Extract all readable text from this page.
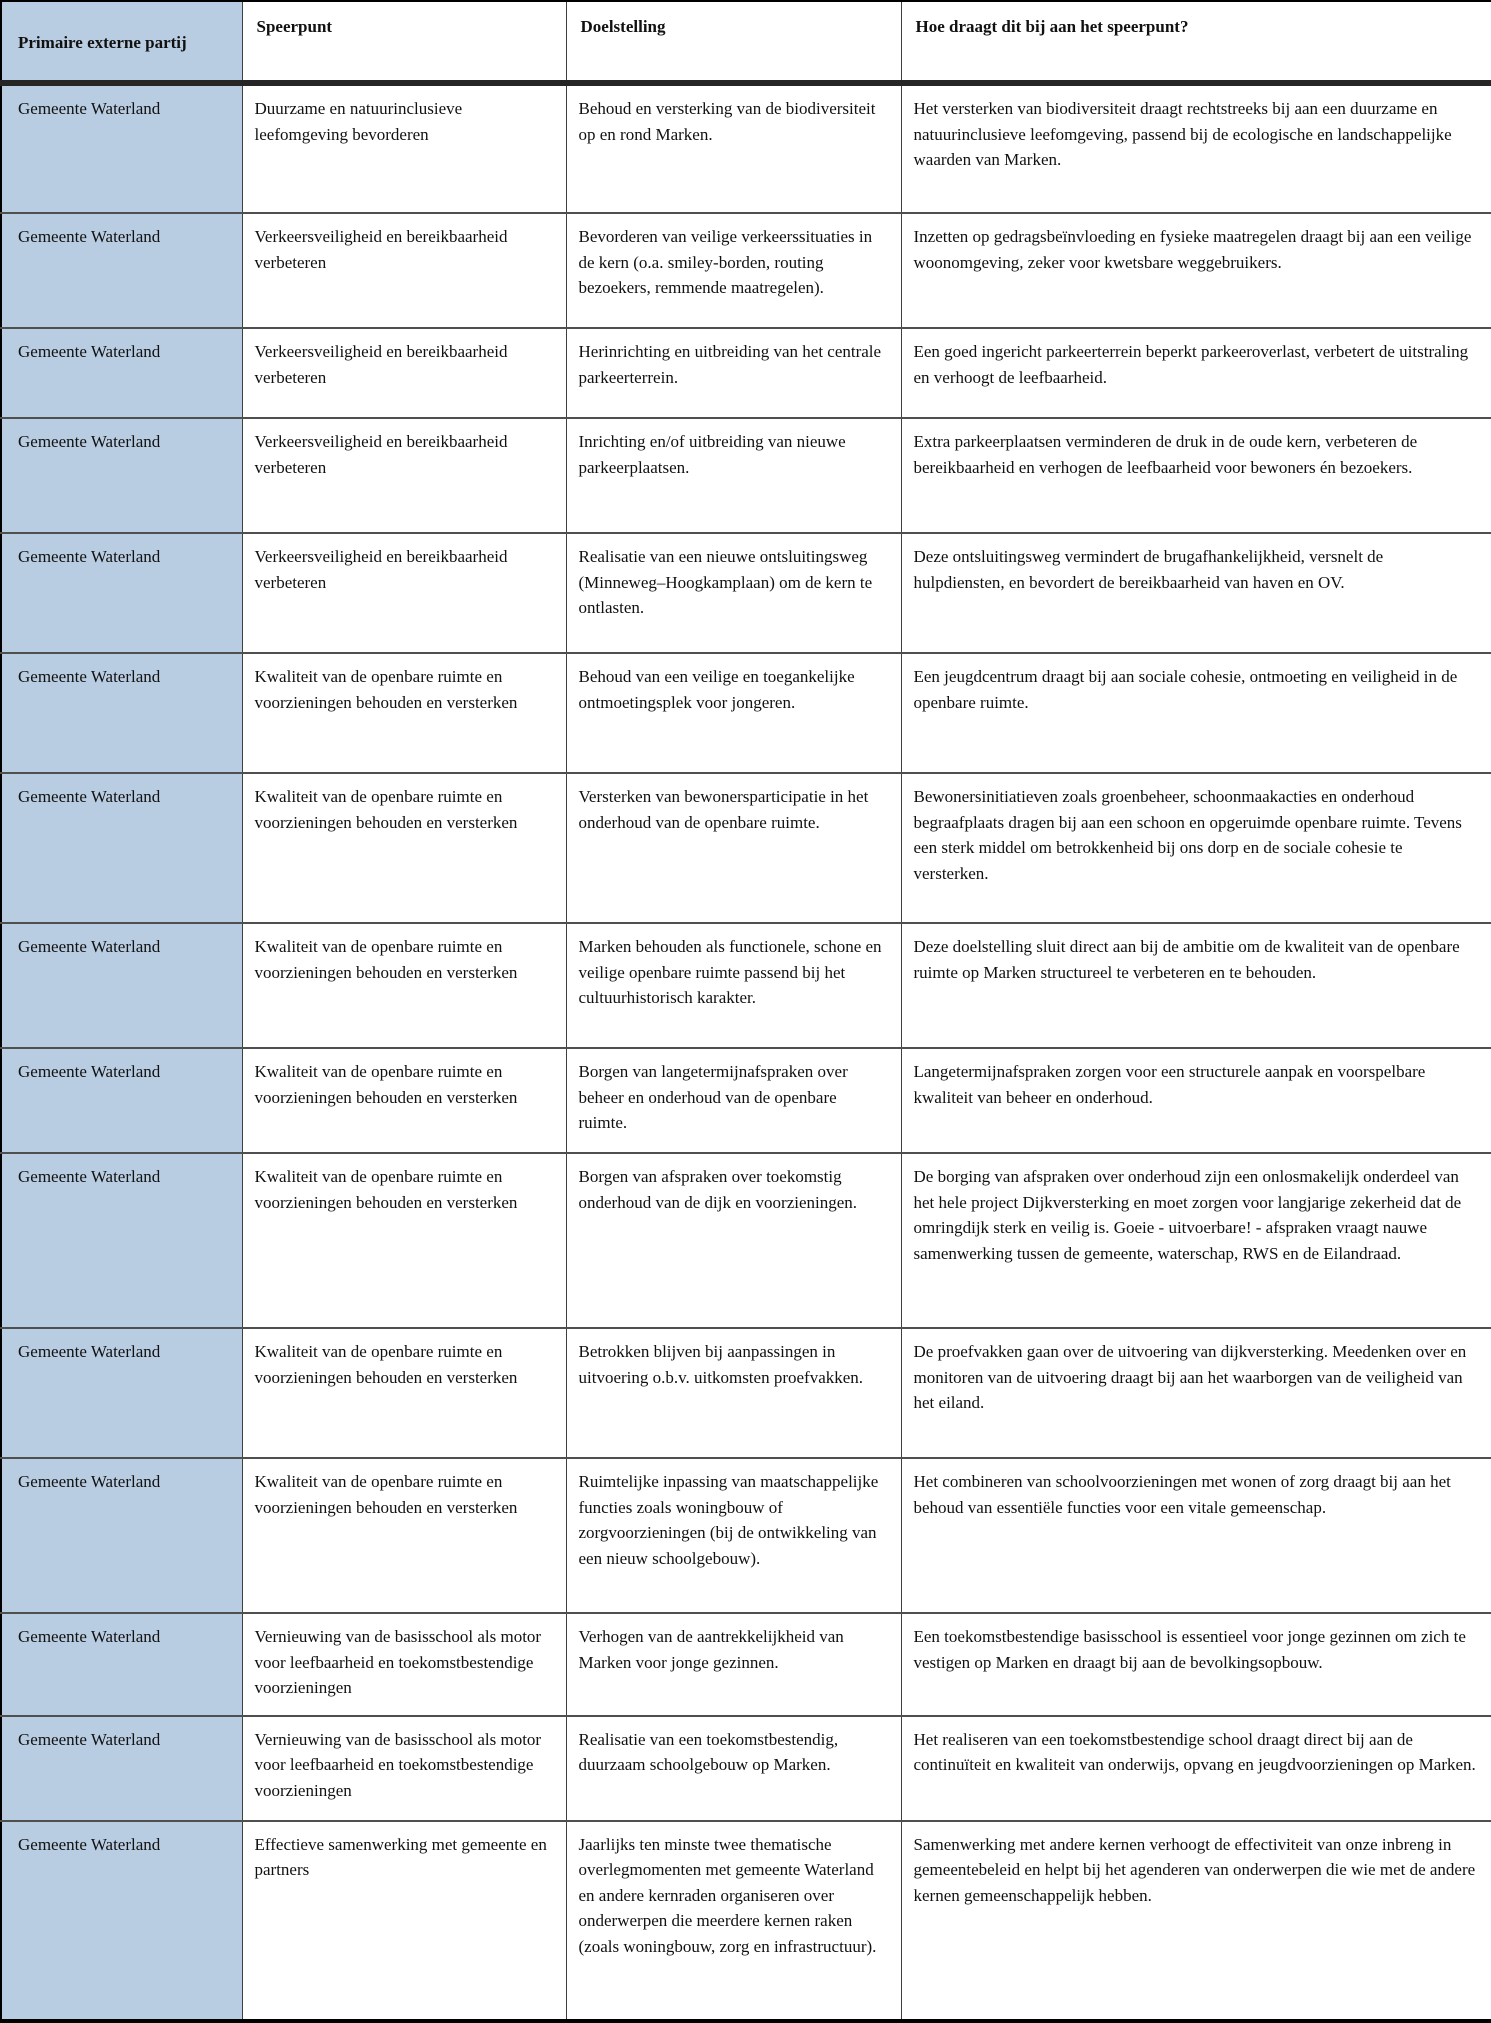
Primaire externe partij	Speerpunt	Doelstelling	Hoe draagt dit bij aan het speerpunt?
Gemeente Waterland	Duurzame en natuurinclusieve leefomgeving bevorderen	Behoud en versterking van de biodiversiteit op en rond Marken.	Het versterken van biodiversiteit draagt rechtstreeks bij aan een duurzame en natuurinclusieve leefomgeving, passend bij de ecologische en landschappelijke waarden van Marken.
Gemeente Waterland	Verkeersveiligheid en bereikbaarheid verbeteren	Bevorderen van veilige verkeerssituaties in de kern (o.a. smiley-borden, routing bezoekers, remmende maatregelen).	Inzetten op gedragsbeïnvloeding en fysieke maatregelen draagt bij aan een veilige woonomgeving, zeker voor kwetsbare weggebruikers.
Gemeente Waterland	Verkeersveiligheid en bereikbaarheid verbeteren	Herinrichting en uitbreiding van het centrale parkeerterrein.	Een goed ingericht parkeerterrein beperkt parkeeroverlast, verbetert de uitstraling en verhoogt de leefbaarheid.
Gemeente Waterland	Verkeersveiligheid en bereikbaarheid verbeteren	Inrichting en/of uitbreiding van nieuwe parkeerplaatsen.	Extra parkeerplaatsen verminderen de druk in de oude kern, verbeteren de bereikbaarheid en verhogen de leefbaarheid voor bewoners én bezoekers.
Gemeente Waterland	Verkeersveiligheid en bereikbaarheid verbeteren	Realisatie van een nieuwe ontsluitingsweg (Minneweg–Hoogkamplaan) om de kern te ontlasten.	Deze ontsluitingsweg vermindert de brugafhankelijkheid, versnelt de hulpdiensten, en bevordert de bereikbaarheid van haven en OV.
Gemeente Waterland	Kwaliteit van de openbare ruimte en voorzieningen behouden en versterken	Behoud van een veilige en toegankelijke ontmoetingsplek voor jongeren.	Een jeugdcentrum draagt bij aan sociale cohesie, ontmoeting en veiligheid in de openbare ruimte.
Gemeente Waterland	Kwaliteit van de openbare ruimte en voorzieningen behouden en versterken	Versterken van bewonersparticipatie in het onderhoud van de openbare ruimte.	Bewonersinitiatieven zoals groenbeheer, schoonmaakacties en onderhoud begraafplaats dragen bij aan een schoon en opgeruimde openbare ruimte. Tevens een sterk middel om betrokkenheid bij ons dorp en de sociale cohesie te versterken.
Gemeente Waterland	Kwaliteit van de openbare ruimte en voorzieningen behouden en versterken	Marken behouden als functionele, schone en veilige openbare ruimte passend bij het cultuurhistorisch karakter.	Deze doelstelling sluit direct aan bij de ambitie om de kwaliteit van de openbare ruimte op Marken structureel te verbeteren en te behouden.
Gemeente Waterland	Kwaliteit van de openbare ruimte en voorzieningen behouden en versterken	Borgen van langetermijnafspraken over beheer en onderhoud van de openbare ruimte.	Langetermijnafspraken zorgen voor een structurele aanpak en voorspelbare kwaliteit van beheer en onderhoud.
Gemeente Waterland	Kwaliteit van de openbare ruimte en voorzieningen behouden en versterken	Borgen van afspraken over toekomstig onderhoud van de dijk en voorzieningen.	De borging van afspraken over onderhoud zijn een onlosmakelijk onderdeel van het hele project Dijkversterking en moet zorgen voor langjarige zekerheid dat de omringdijk sterk en veilig is. Goeie - uitvoerbare! - afspraken vraagt nauwe samenwerking tussen de gemeente, waterschap, RWS en de Eilandraad.
Gemeente Waterland	Kwaliteit van de openbare ruimte en voorzieningen behouden en versterken	Betrokken blijven bij aanpassingen in uitvoering o.b.v. uitkomsten proefvakken.	De proefvakken gaan over de uitvoering van dijkversterking. Meedenken over en monitoren van de uitvoering draagt bij aan het waarborgen van de veiligheid van het eiland.
Gemeente Waterland	Kwaliteit van de openbare ruimte en voorzieningen behouden en versterken	Ruimtelijke inpassing van maatschappelijke functies zoals woningbouw of zorgvoorzieningen (bij de ontwikkeling van een nieuw schoolgebouw).	Het combineren van schoolvoorzieningen met wonen of zorg draagt bij aan het behoud van essentiële functies voor een vitale gemeenschap.
Gemeente Waterland	Vernieuwing van de basisschool als motor voor leefbaarheid en toekomstbestendige voorzieningen	Verhogen van de aantrekkelijkheid van Marken voor jonge gezinnen.	Een toekomstbestendige basisschool is essentieel voor jonge gezinnen om zich te vestigen op Marken en draagt bij aan de bevolkingsopbouw.
Gemeente Waterland	Vernieuwing van de basisschool als motor voor leefbaarheid en toekomstbestendige voorzieningen	Realisatie van een toekomstbestendig, duurzaam schoolgebouw op Marken.	Het realiseren van een toekomstbestendige school draagt direct bij aan de continuïteit en kwaliteit van onderwijs, opvang en jeugdvoorzieningen op Marken.
Gemeente Waterland	Effectieve samenwerking met gemeente en partners	Jaarlijks ten minste twee thematische overlegmomenten met gemeente Waterland en andere kernraden organiseren over onderwerpen die meerdere kernen raken (zoals woningbouw, zorg en infrastructuur).	Samenwerking met andere kernen verhoogt de effectiviteit van onze inbreng in gemeentebeleid en helpt bij het agenderen van onderwerpen die wie met de andere kernen gemeenschappelijk hebben.
